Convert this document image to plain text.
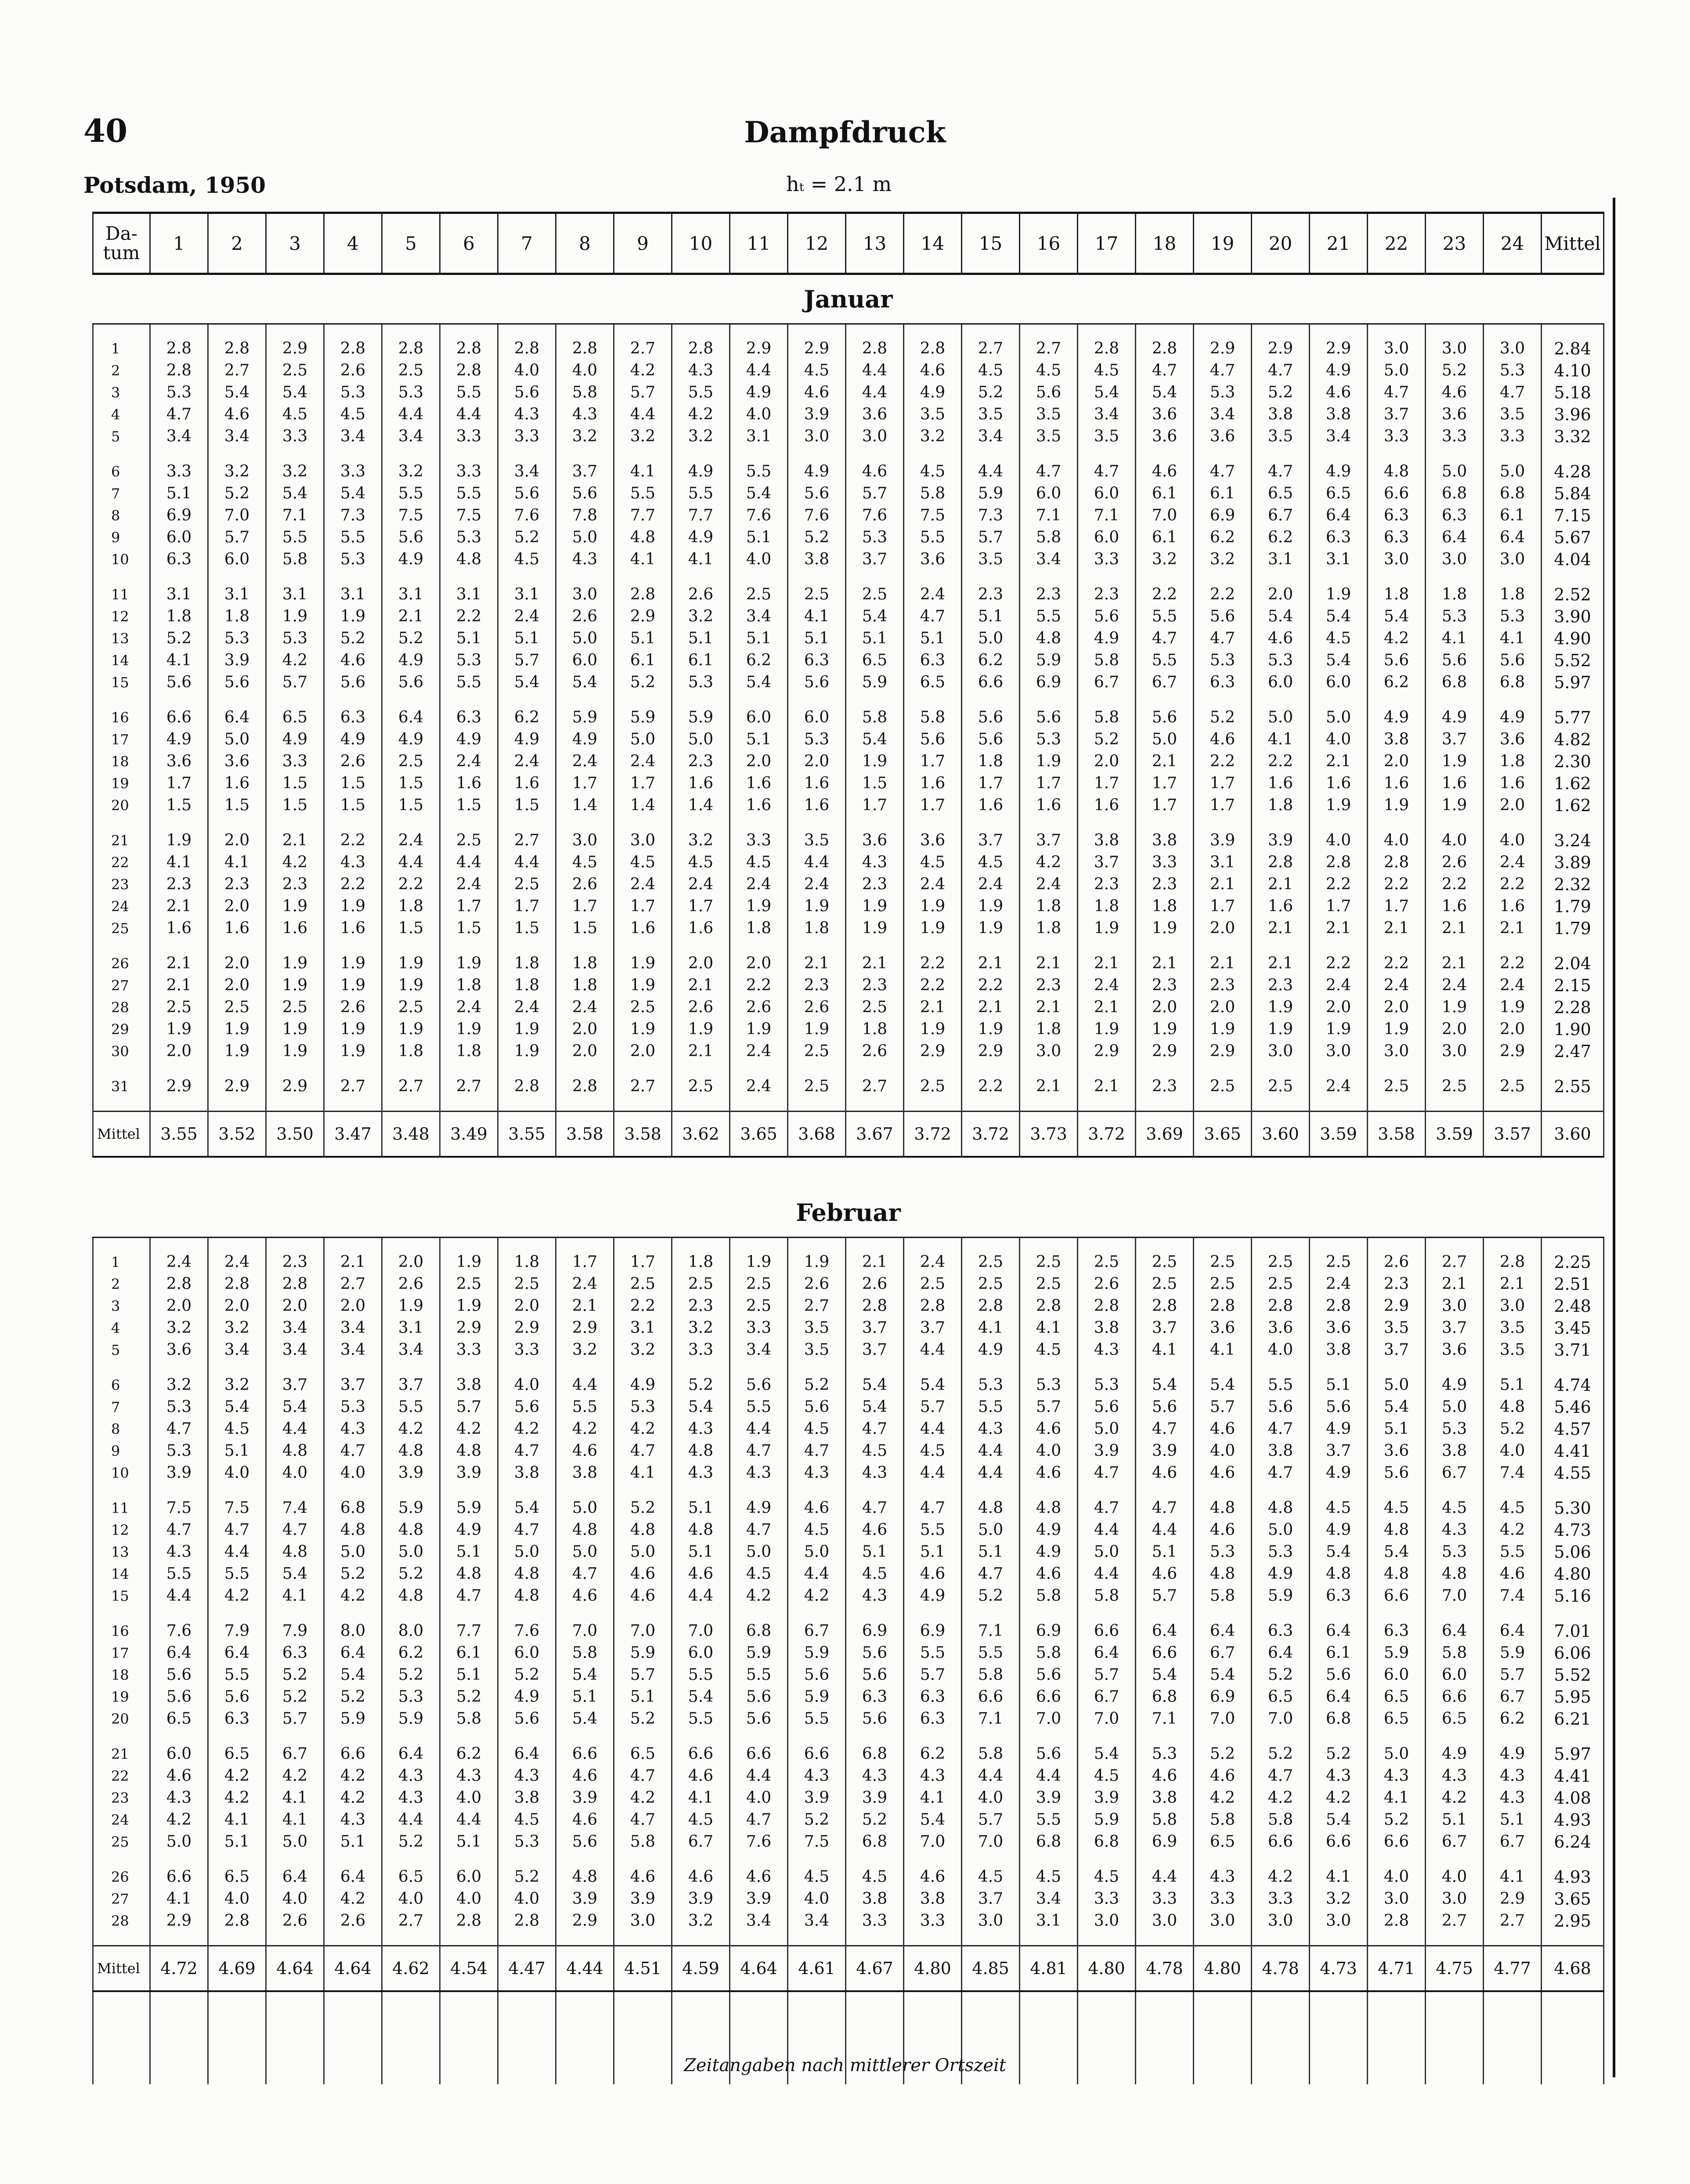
40	Dampfdruck
Potsdam, 1950	hₜ = 2.1 m
Da-
tum	1	2	3	4	5	6	7	8	9	10	11	12	13	14	15	16	17	18	19	20	21	22	23	24	Mittel
Januar																									

1	2.8	2.8	2.9	2.8	2.8	2.8	2.8	2.8	2.7	2.8	2.9	2.9	2.8	2.8	2.7	2.7	2.8	2.8	2.9	2.9	2.9	3.0	3.0	3.0	2.84
2	2.8	2.7	2.5	2.6	2.5	2.8	4.0	4.0	4.2	4.3	4.4	4.5	4.4	4.6	4.5	4.5	4.5	4.7	4.7	4.7	4.9	5.0	5.2	5.3	4.10
3	5.3	5.4	5.4	5.3	5.3	5.5	5.6	5.8	5.7	5.5	4.9	4.6	4.4	4.9	5.2	5.6	5.4	5.4	5.3	5.2	4.6	4.7	4.6	4.7	5.18
4	4.7	4.6	4.5	4.5	4.4	4.4	4.3	4.3	4.4	4.2	4.0	3.9	3.6	3.5	3.5	3.5	3.4	3.6	3.4	3.8	3.8	3.7	3.6	3.5	3.96
5	3.4	3.4	3.3	3.4	3.4	3.3	3.3	3.2	3.2	3.2	3.1	3.0	3.0	3.2	3.4	3.5	3.5	3.6	3.6	3.5	3.4	3.3	3.3	3.3	3.32

6	3.3	3.2	3.2	3.3	3.2	3.3	3.4	3.7	4.1	4.9	5.5	4.9	4.6	4.5	4.4	4.7	4.7	4.6	4.7	4.7	4.9	4.8	5.0	5.0	4.28
7	5.1	5.2	5.4	5.4	5.5	5.5	5.6	5.6	5.5	5.5	5.4	5.6	5.7	5.8	5.9	6.0	6.0	6.1	6.1	6.5	6.5	6.6	6.8	6.8	5.84
8	6.9	7.0	7.1	7.3	7.5	7.5	7.6	7.8	7.7	7.7	7.6	7.6	7.6	7.5	7.3	7.1	7.1	7.0	6.9	6.7	6.4	6.3	6.3	6.1	7.15
9	6.0	5.7	5.5	5.5	5.6	5.3	5.2	5.0	4.8	4.9	5.1	5.2	5.3	5.5	5.7	5.8	6.0	6.1	6.2	6.2	6.3	6.3	6.4	6.4	5.67
10	6.3	6.0	5.8	5.3	4.9	4.8	4.5	4.3	4.1	4.1	4.0	3.8	3.7	3.6	3.5	3.4	3.3	3.2	3.2	3.1	3.1	3.0	3.0	3.0	4.04

11	3.1	3.1	3.1	3.1	3.1	3.1	3.1	3.0	2.8	2.6	2.5	2.5	2.5	2.4	2.3	2.3	2.3	2.2	2.2	2.0	1.9	1.8	1.8	1.8	2.52
12	1.8	1.8	1.9	1.9	2.1	2.2	2.4	2.6	2.9	3.2	3.4	4.1	5.4	4.7	5.1	5.5	5.6	5.5	5.6	5.4	5.4	5.4	5.3	5.3	3.90
13	5.2	5.3	5.3	5.2	5.2	5.1	5.1	5.0	5.1	5.1	5.1	5.1	5.1	5.1	5.0	4.8	4.9	4.7	4.7	4.6	4.5	4.2	4.1	4.1	4.90
14	4.1	3.9	4.2	4.6	4.9	5.3	5.7	6.0	6.1	6.1	6.2	6.3	6.5	6.3	6.2	5.9	5.8	5.5	5.3	5.3	5.4	5.6	5.6	5.6	5.52
15	5.6	5.6	5.7	5.6	5.6	5.5	5.4	5.4	5.2	5.3	5.4	5.6	5.9	6.5	6.6	6.9	6.7	6.7	6.3	6.0	6.0	6.2	6.8	6.8	5.97

16	6.6	6.4	6.5	6.3	6.4	6.3	6.2	5.9	5.9	5.9	6.0	6.0	5.8	5.8	5.6	5.6	5.8	5.6	5.2	5.0	5.0	4.9	4.9	4.9	5.77
17	4.9	5.0	4.9	4.9	4.9	4.9	4.9	4.9	5.0	5.0	5.1	5.3	5.4	5.6	5.6	5.3	5.2	5.0	4.6	4.1	4.0	3.8	3.7	3.6	4.82
18	3.6	3.6	3.3	2.6	2.5	2.4	2.4	2.4	2.4	2.3	2.0	2.0	1.9	1.7	1.8	1.9	2.0	2.1	2.2	2.2	2.1	2.0	1.9	1.8	2.30
19	1.7	1.6	1.5	1.5	1.5	1.6	1.6	1.7	1.7	1.6	1.6	1.6	1.5	1.6	1.7	1.7	1.7	1.7	1.7	1.6	1.6	1.6	1.6	1.6	1.62
20	1.5	1.5	1.5	1.5	1.5	1.5	1.5	1.4	1.4	1.4	1.6	1.6	1.7	1.7	1.6	1.6	1.6	1.7	1.7	1.8	1.9	1.9	1.9	2.0	1.62

21	1.9	2.0	2.1	2.2	2.4	2.5	2.7	3.0	3.0	3.2	3.3	3.5	3.6	3.6	3.7	3.7	3.8	3.8	3.9	3.9	4.0	4.0	4.0	4.0	3.24
22	4.1	4.1	4.2	4.3	4.4	4.4	4.4	4.5	4.5	4.5	4.5	4.4	4.3	4.5	4.5	4.2	3.7	3.3	3.1	2.8	2.8	2.8	2.6	2.4	3.89
23	2.3	2.3	2.3	2.2	2.2	2.4	2.5	2.6	2.4	2.4	2.4	2.4	2.3	2.4	2.4	2.4	2.3	2.3	2.1	2.1	2.2	2.2	2.2	2.2	2.32
24	2.1	2.0	1.9	1.9	1.8	1.7	1.7	1.7	1.7	1.7	1.9	1.9	1.9	1.9	1.9	1.8	1.8	1.8	1.7	1.6	1.7	1.7	1.6	1.6	1.79
25	1.6	1.6	1.6	1.6	1.5	1.5	1.5	1.5	1.6	1.6	1.8	1.8	1.9	1.9	1.9	1.8	1.9	1.9	2.0	2.1	2.1	2.1	2.1	2.1	1.79

26	2.1	2.0	1.9	1.9	1.9	1.9	1.8	1.8	1.9	2.0	2.0	2.1	2.1	2.2	2.1	2.1	2.1	2.1	2.1	2.1	2.2	2.2	2.1	2.2	2.04
27	2.1	2.0	1.9	1.9	1.9	1.8	1.8	1.8	1.9	2.1	2.2	2.3	2.3	2.2	2.2	2.3	2.4	2.3	2.3	2.3	2.4	2.4	2.4	2.4	2.15
28	2.5	2.5	2.5	2.6	2.5	2.4	2.4	2.4	2.5	2.6	2.6	2.6	2.5	2.1	2.1	2.1	2.1	2.0	2.0	1.9	2.0	2.0	1.9	1.9	2.28
29	1.9	1.9	1.9	1.9	1.9	1.9	1.9	2.0	1.9	1.9	1.9	1.9	1.8	1.9	1.9	1.8	1.9	1.9	1.9	1.9	1.9	1.9	2.0	2.0	1.90
30	2.0	1.9	1.9	1.9	1.8	1.8	1.9	2.0	2.0	2.1	2.4	2.5	2.6	2.9	2.9	3.0	2.9	2.9	2.9	3.0	3.0	3.0	3.0	2.9	2.47

31	2.9	2.9	2.9	2.7	2.7	2.7	2.8	2.8	2.7	2.5	2.4	2.5	2.7	2.5	2.2	2.1	2.1	2.3	2.5	2.5	2.4	2.5	2.5	2.5	2.55

Mittel	3.55	3.52	3.50	3.47	3.48	3.49	3.55	3.58	3.58	3.62	3.65	3.68	3.67	3.72	3.72	3.73	3.72	3.69	3.65	3.60	3.59	3.58	3.59	3.57	3.60

Februar																									

1	2.4	2.4	2.3	2.1	2.0	1.9	1.8	1.7	1.7	1.8	1.9	1.9	2.1	2.4	2.5	2.5	2.5	2.5	2.5	2.5	2.5	2.6	2.7	2.8	2.25
2	2.8	2.8	2.8	2.7	2.6	2.5	2.5	2.4	2.5	2.5	2.5	2.6	2.6	2.5	2.5	2.5	2.6	2.5	2.5	2.5	2.4	2.3	2.1	2.1	2.51
3	2.0	2.0	2.0	2.0	1.9	1.9	2.0	2.1	2.2	2.3	2.5	2.7	2.8	2.8	2.8	2.8	2.8	2.8	2.8	2.8	2.8	2.9	3.0	3.0	2.48
4	3.2	3.2	3.4	3.4	3.1	2.9	2.9	2.9	3.1	3.2	3.3	3.5	3.7	3.7	4.1	4.1	3.8	3.7	3.6	3.6	3.6	3.5	3.7	3.5	3.45
5	3.6	3.4	3.4	3.4	3.4	3.3	3.3	3.2	3.2	3.3	3.4	3.5	3.7	4.4	4.9	4.5	4.3	4.1	4.1	4.0	3.8	3.7	3.6	3.5	3.71

6	3.2	3.2	3.7	3.7	3.7	3.8	4.0	4.4	4.9	5.2	5.6	5.2	5.4	5.4	5.3	5.3	5.3	5.4	5.4	5.5	5.1	5.0	4.9	5.1	4.74
7	5.3	5.4	5.4	5.3	5.5	5.7	5.6	5.5	5.3	5.4	5.5	5.6	5.4	5.7	5.5	5.7	5.6	5.6	5.7	5.6	5.6	5.4	5.0	4.8	5.46
8	4.7	4.5	4.4	4.3	4.2	4.2	4.2	4.2	4.2	4.3	4.4	4.5	4.7	4.4	4.3	4.6	5.0	4.7	4.6	4.7	4.9	5.1	5.3	5.2	4.57
9	5.3	5.1	4.8	4.7	4.8	4.8	4.7	4.6	4.7	4.8	4.7	4.7	4.5	4.5	4.4	4.0	3.9	3.9	4.0	3.8	3.7	3.6	3.8	4.0	4.41
10	3.9	4.0	4.0	4.0	3.9	3.9	3.8	3.8	4.1	4.3	4.3	4.3	4.3	4.4	4.4	4.6	4.7	4.6	4.6	4.7	4.9	5.6	6.7	7.4	4.55

11	7.5	7.5	7.4	6.8	5.9	5.9	5.4	5.0	5.2	5.1	4.9	4.6	4.7	4.7	4.8	4.8	4.7	4.7	4.8	4.8	4.5	4.5	4.5	4.5	5.30
12	4.7	4.7	4.7	4.8	4.8	4.9	4.7	4.8	4.8	4.8	4.7	4.5	4.6	5.5	5.0	4.9	4.4	4.4	4.6	5.0	4.9	4.8	4.3	4.2	4.73
13	4.3	4.4	4.8	5.0	5.0	5.1	5.0	5.0	5.0	5.1	5.0	5.0	5.1	5.1	5.1	4.9	5.0	5.1	5.3	5.3	5.4	5.4	5.3	5.5	5.06
14	5.5	5.5	5.4	5.2	5.2	4.8	4.8	4.7	4.6	4.6	4.5	4.4	4.5	4.6	4.7	4.6	4.4	4.6	4.8	4.9	4.8	4.8	4.8	4.6	4.80
15	4.4	4.2	4.1	4.2	4.8	4.7	4.8	4.6	4.6	4.4	4.2	4.2	4.3	4.9	5.2	5.8	5.8	5.7	5.8	5.9	6.3	6.6	7.0	7.4	5.16

16	7.6	7.9	7.9	8.0	8.0	7.7	7.6	7.0	7.0	7.0	6.8	6.7	6.9	6.9	7.1	6.9	6.6	6.4	6.4	6.3	6.4	6.3	6.4	6.4	7.01
17	6.4	6.4	6.3	6.4	6.2	6.1	6.0	5.8	5.9	6.0	5.9	5.9	5.6	5.5	5.5	5.8	6.4	6.6	6.7	6.4	6.1	5.9	5.8	5.9	6.06
18	5.6	5.5	5.2	5.4	5.2	5.1	5.2	5.4	5.7	5.5	5.5	5.6	5.6	5.7	5.8	5.6	5.7	5.4	5.4	5.2	5.6	6.0	6.0	5.7	5.52
19	5.6	5.6	5.2	5.2	5.3	5.2	4.9	5.1	5.1	5.4	5.6	5.9	6.3	6.3	6.6	6.6	6.7	6.8	6.9	6.5	6.4	6.5	6.6	6.7	5.95
20	6.5	6.3	5.7	5.9	5.9	5.8	5.6	5.4	5.2	5.5	5.6	5.5	5.6	6.3	7.1	7.0	7.0	7.1	7.0	7.0	6.8	6.5	6.5	6.2	6.21

21	6.0	6.5	6.7	6.6	6.4	6.2	6.4	6.6	6.5	6.6	6.6	6.6	6.8	6.2	5.8	5.6	5.4	5.3	5.2	5.2	5.2	5.0	4.9	4.9	5.97
22	4.6	4.2	4.2	4.2	4.3	4.3	4.3	4.6	4.7	4.6	4.4	4.3	4.3	4.3	4.4	4.4	4.5	4.6	4.6	4.7	4.3	4.3	4.3	4.3	4.41
23	4.3	4.2	4.1	4.2	4.3	4.0	3.8	3.9	4.2	4.1	4.0	3.9	3.9	4.1	4.0	3.9	3.9	3.8	4.2	4.2	4.2	4.1	4.2	4.3	4.08
24	4.2	4.1	4.1	4.3	4.4	4.4	4.5	4.6	4.7	4.5	4.7	5.2	5.2	5.4	5.7	5.5	5.9	5.8	5.8	5.8	5.4	5.2	5.1	5.1	4.93
25	5.0	5.1	5.0	5.1	5.2	5.1	5.3	5.6	5.8	6.7	7.6	7.5	6.8	7.0	7.0	6.8	6.8	6.9	6.5	6.6	6.6	6.6	6.7	6.7	6.24

26	6.6	6.5	6.4	6.4	6.5	6.0	5.2	4.8	4.6	4.6	4.6	4.5	4.5	4.6	4.5	4.5	4.5	4.4	4.3	4.2	4.1	4.0	4.0	4.1	4.93
27	4.1	4.0	4.0	4.2	4.0	4.0	4.0	3.9	3.9	3.9	3.9	4.0	3.8	3.8	3.7	3.4	3.3	3.3	3.3	3.3	3.2	3.0	3.0	2.9	3.65
28	2.9	2.8	2.6	2.6	2.7	2.8	2.8	2.9	3.0	3.2	3.4	3.4	3.3	3.3	3.0	3.1	3.0	3.0	3.0	3.0	3.0	2.8	2.7	2.7	2.95

Mittel	4.72	4.69	4.64	4.64	4.62	4.54	4.47	4.44	4.51	4.59	4.64	4.61	4.67	4.80	4.85	4.81	4.80	4.78	4.80	4.78	4.73	4.71	4.75	4.77	4.68

Zeitangaben nach mittlerer Ortszeit
